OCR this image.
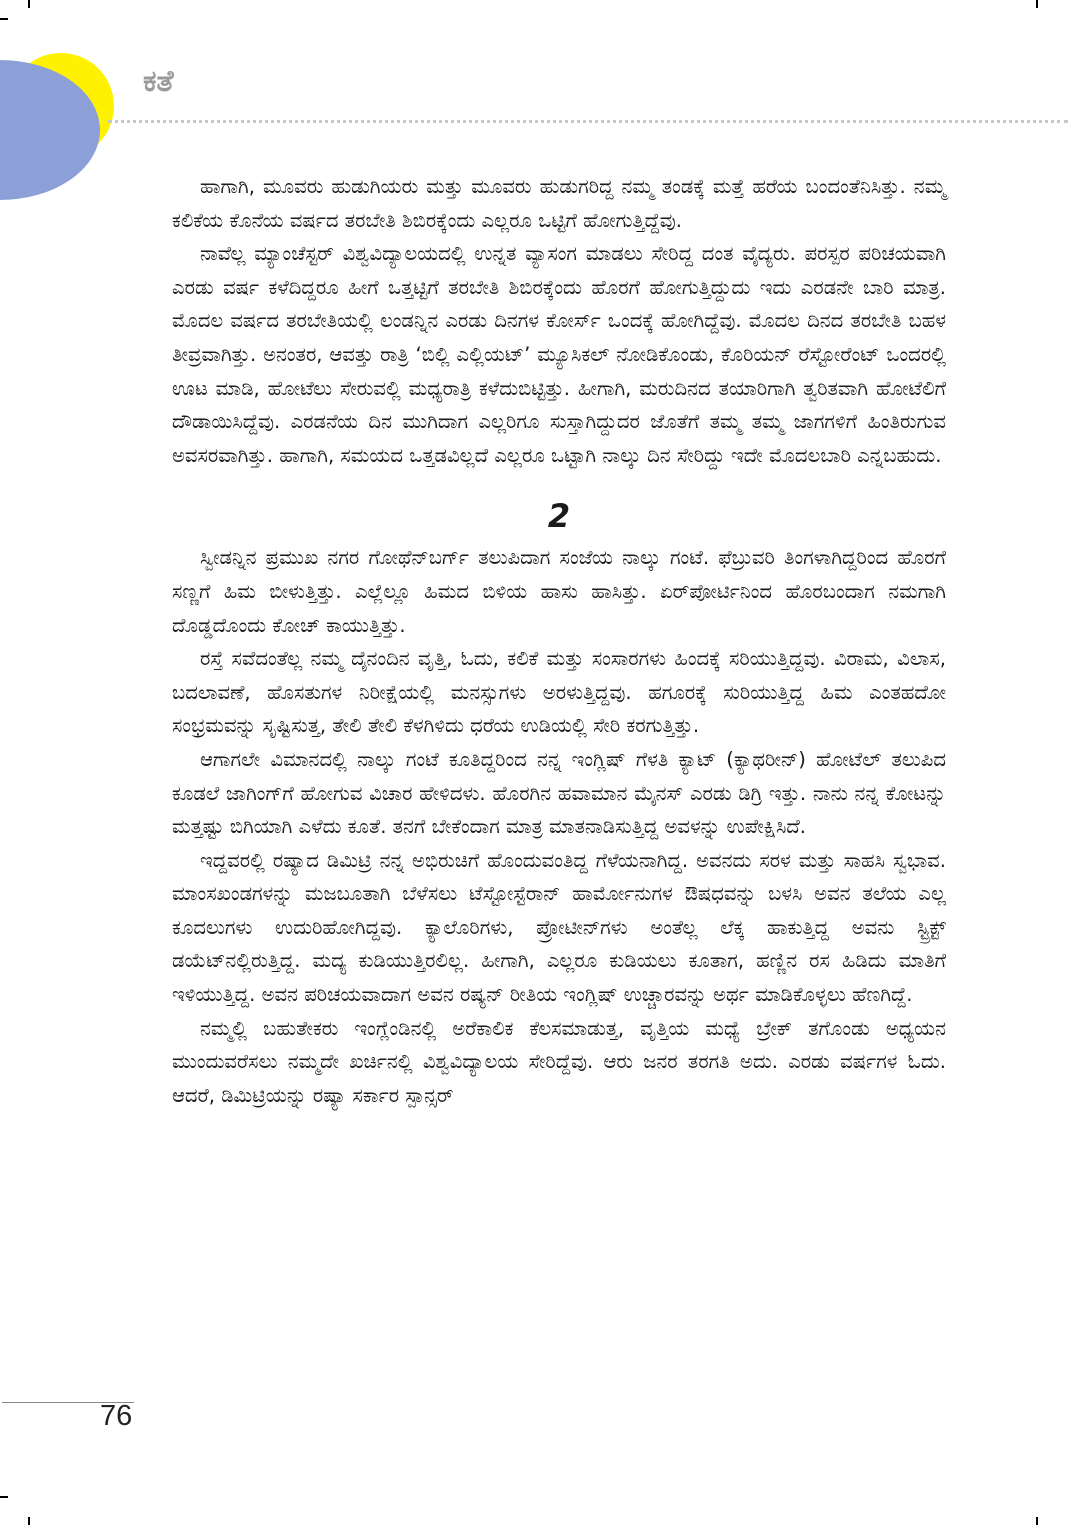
ಕತೆ

ಹಾಗಾಗಿ, ಮೂವರು ಹುಡುಗಿಯರು ಮತ್ತು ಮೂವರು ಹುಡುಗರಿದ್ದ ನಮ್ಮ ತಂಡಕ್ಕೆ ಮತ್ತೆ ಹರೆಯ ಬಂದಂತೆನಿಸಿತ್ತು. ನಮ್ಮ ಕಲಿಕೆಯ ಕೊನೆಯ ವರ್ಷದ ತರಬೇತಿ ಶಿಬಿರಕ್ಕೆಂದು ಎಲ್ಲರೂ ಒಟ್ಟಿಗೆ ಹೋಗುತ್ತಿದ್ದೆವು.

ನಾವೆಲ್ಲ ಮ್ಯಾಂಚೆಸ್ಟರ್ ವಿಶ್ವವಿದ್ಯಾಲಯದಲ್ಲಿ ಉನ್ನತ ವ್ಯಾಸಂಗ ಮಾಡಲು ಸೇರಿದ್ದ ದಂತ ವೈದ್ಯರು. ಪರಸ್ಪರ ಪರಿಚಯವಾಗಿ ಎರಡು ವರ್ಷ ಕಳೆದಿದ್ದರೂ ಹೀಗೆ ಒತ್ತಟ್ಟಿಗೆ ತರಬೇತಿ ಶಿಬಿರಕ್ಕೆಂದು ಹೊರಗೆ ಹೋಗುತ್ತಿದ್ದುದು ಇದು ಎರಡನೇ ಬಾರಿ ಮಾತ್ರ. ಮೊದಲ ವರ್ಷದ ತರಬೇತಿಯಲ್ಲಿ ಲಂಡನ್ನಿನ ಎರಡು ದಿನಗಳ ಕೋರ್ಸ್ ಒಂದಕ್ಕೆ ಹೋಗಿದ್ದೆವು. ಮೊದಲ ದಿನದ ತರಬೇತಿ ಬಹಳ ತೀವ್ರವಾಗಿತ್ತು. ಅನಂತರ, ಆವತ್ತು ರಾತ್ರಿ ‘ಬಿಲ್ಲಿ ಎಲ್ಲಿಯಟ್’ ಮ್ಯೂಸಿಕಲ್ ನೋಡಿಕೊಂಡು, ಕೊರಿಯನ್ ರೆಸ್ಟೋರೆಂಟ್ ಒಂದರಲ್ಲಿ ಊಟ ಮಾಡಿ, ಹೋಟೆಲು ಸೇರುವಲ್ಲಿ ಮಧ್ಯರಾತ್ರಿ ಕಳೆದುಬಿಟ್ಟಿತ್ತು. ಹೀಗಾಗಿ, ಮರುದಿನದ ತಯಾರಿಗಾಗಿ ತ್ವರಿತವಾಗಿ ಹೋಟೆಲಿಗೆ ದೌಡಾಯಿಸಿದ್ದೆವು. ಎರಡನೆಯ ದಿನ ಮುಗಿದಾಗ ಎಲ್ಲರಿಗೂ ಸುಸ್ತಾಗಿದ್ದುದರ ಜೊತೆಗೆ ತಮ್ಮ ತಮ್ಮ ಜಾಗಗಳಿಗೆ ಹಿಂತಿರುಗುವ ಅವಸರವಾಗಿತ್ತು. ಹಾಗಾಗಿ, ಸಮಯದ ಒತ್ತಡವಿಲ್ಲದೆ ಎಲ್ಲರೂ ಒಟ್ಟಾಗಿ ನಾಲ್ಕು ದಿನ ಸೇರಿದ್ದು ಇದೇ ಮೊದಲಬಾರಿ ಎನ್ನಬಹುದು.

2

ಸ್ವೀಡನ್ನಿನ ಪ್ರಮುಖ ನಗರ ಗೋಥೆನ್‌ಬರ್ಗ್ ತಲುಪಿದಾಗ ಸಂಜೆಯ ನಾಲ್ಕು ಗಂಟೆ. ಫೆಬ್ರುವರಿ ತಿಂಗಳಾಗಿದ್ದರಿಂದ ಹೊರಗೆ ಸಣ್ಣಗೆ ಹಿಮ ಬೀಳುತ್ತಿತ್ತು. ಎಲ್ಲೆಲ್ಲೂ ಹಿಮದ ಬಿಳಿಯ ಹಾಸು ಹಾಸಿತ್ತು. ಏರ್‌ಪೋರ್ಟಿನಿಂದ ಹೊರಬಂದಾಗ ನಮಗಾಗಿ ದೊಡ್ಡದೊಂದು ಕೋಚ್ ಕಾಯುತ್ತಿತ್ತು.

ರಸ್ತೆ ಸವೆದಂತೆಲ್ಲ ನಮ್ಮ ದೈನಂದಿನ ವೃತ್ತಿ, ಓದು, ಕಲಿಕೆ ಮತ್ತು ಸಂಸಾರಗಳು ಹಿಂದಕ್ಕೆ ಸರಿಯುತ್ತಿದ್ದವು. ವಿರಾಮ, ವಿಲಾಸ, ಬದಲಾವಣೆ, ಹೊಸತುಗಳ ನಿರೀಕ್ಷೆಯಲ್ಲಿ ಮನಸ್ಸುಗಳು ಅರಳುತ್ತಿದ್ದವು. ಹಗೂರಕ್ಕೆ ಸುರಿಯುತ್ತಿದ್ದ ಹಿಮ ಎಂತಹದೋ ಸಂಭ್ರಮವನ್ನು ಸೃಷ್ಟಿಸುತ್ತ, ತೇಲಿ ತೇಲಿ ಕೆಳಗಿಳಿದು ಧರೆಯ ಉಡಿಯಲ್ಲಿ ಸೇರಿ ಕರಗುತ್ತಿತ್ತು.

ಆಗಾಗಲೇ ವಿಮಾನದಲ್ಲಿ ನಾಲ್ಕು ಗಂಟೆ ಕೂತಿದ್ದರಿಂದ ನನ್ನ ಇಂಗ್ಲಿಷ್ ಗೆಳತಿ ಕ್ಯಾಟ್ (ಕ್ಯಾಥರೀನ್) ಹೋಟೆಲ್ ತಲುಪಿದ ಕೂಡಲೆ ಜಾಗಿಂಗ್‌ಗೆ ಹೋಗುವ ವಿಚಾರ ಹೇಳಿದಳು. ಹೊರಗಿನ ಹವಾಮಾನ ಮೈನಸ್ ಎರಡು ಡಿಗ್ರಿ ಇತ್ತು. ನಾನು ನನ್ನ ಕೋಟನ್ನು ಮತ್ತಷ್ಟು ಬಿಗಿಯಾಗಿ ಎಳೆದು ಕೂತೆ. ತನಗೆ ಬೇಕೆಂದಾಗ ಮಾತ್ರ ಮಾತನಾಡಿಸುತ್ತಿದ್ದ ಅವಳನ್ನು ಉಪೇಕ್ಷಿಸಿದೆ.

ಇದ್ದವರಲ್ಲಿ ರಷ್ಯಾದ ಡಿಮಿಟ್ರಿ ನನ್ನ ಅಭಿರುಚಿಗೆ ಹೊಂದುವಂತಿದ್ದ ಗೆಳೆಯನಾಗಿದ್ದ. ಅವನದು ಸರಳ ಮತ್ತು ಸಾಹಸಿ ಸ್ವಭಾವ. ಮಾಂಸಖಂಡಗಳನ್ನು ಮಜಬೂತಾಗಿ ಬೆಳೆಸಲು ಟೆಸ್ಟೋಸ್ಟೆರಾನ್ ಹಾರ್ಮೋನುಗಳ ಔಷಧವನ್ನು ಬಳಸಿ ಅವನ ತಲೆಯ ಎಲ್ಲ ಕೂದಲುಗಳು ಉದುರಿಹೋಗಿದ್ದವು. ಕ್ಯಾಲೊರಿಗಳು, ಪ್ರೋಟೀನ್‌ಗಳು ಅಂತೆಲ್ಲ ಲೆಕ್ಕ ಹಾಕುತ್ತಿದ್ದ ಅವನು ಸ್ಟ್ರಿಕ್ಟ್ ಡಯೆಟ್‌ನಲ್ಲಿರುತ್ತಿದ್ದ. ಮದ್ಯ ಕುಡಿಯುತ್ತಿರಲಿಲ್ಲ. ಹೀಗಾಗಿ, ಎಲ್ಲರೂ ಕುಡಿಯಲು ಕೂತಾಗ, ಹಣ್ಣಿನ ರಸ ಹಿಡಿದು ಮಾತಿಗೆ ಇಳಿಯುತ್ತಿದ್ದ. ಅವನ ಪರಿಚಯವಾದಾಗ ಅವನ ರಷ್ಯನ್ ರೀತಿಯ ಇಂಗ್ಲಿಷ್ ಉಚ್ಚಾರವನ್ನು ಅರ್ಥ ಮಾಡಿಕೊಳ್ಳಲು ಹೆಣಗಿದ್ದೆ.

ನಮ್ಮಲ್ಲಿ ಬಹುತೇಕರು ಇಂಗ್ಲೆಂಡಿನಲ್ಲಿ ಅರೆಕಾಲಿಕ ಕೆಲಸಮಾಡುತ್ತ, ವೃತ್ತಿಯ ಮಧ್ಯೆ ಬ್ರೇಕ್ ತಗೊಂಡು ಅಧ್ಯಯನ ಮುಂದುವರೆಸಲು ನಮ್ಮದೇ ಖರ್ಚಿನಲ್ಲಿ ವಿಶ್ವವಿದ್ಯಾಲಯ ಸೇರಿದ್ದೆವು. ಆರು ಜನರ ತರಗತಿ ಅದು. ಎರಡು ವರ್ಷಗಳ ಓದು. ಆದರೆ, ಡಿಮಿಟ್ರಿಯನ್ನು ರಷ್ಯಾ ಸರ್ಕಾರ ಸ್ಪಾನ್ಸರ್

76
